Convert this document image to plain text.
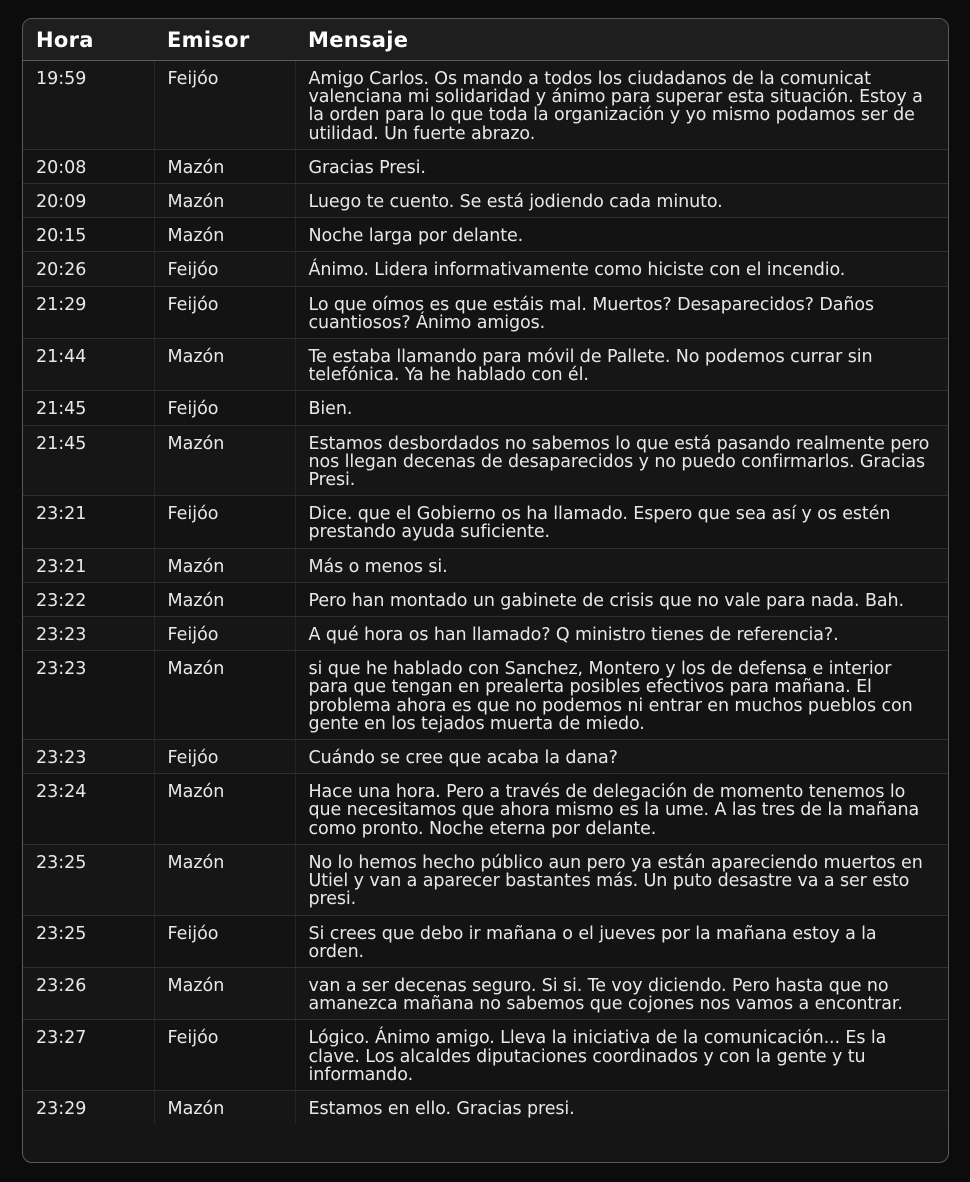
Hora	Emisor	Mensaje
19:59	Feijóo	Amigo Carlos. Os mando a todos los ciudadanos de la comunicat valenciana mi solidaridad y ánimo para superar esta situación. Estoy a la orden para lo que toda la organización y yo mismo podamos ser de utilidad. Un fuerte abrazo.
20:08	Mazón	Gracias Presi.
20:09	Mazón	Luego te cuento. Se está jodiendo cada minuto.
20:15	Mazón	Noche larga por delante.
20:26	Feijóo	Ánimo. Lidera informativamente como hiciste con el incendio.
21:29	Feijóo	Lo que oímos es que estáis mal. Muertos? Desaparecidos? Daños cuantiosos? Ánimo amigos.
21:44	Mazón	Te estaba llamando para móvil de Pallete. No podemos currar sin telefónica. Ya he hablado con él.
21:45	Feijóo	Bien.
21:45	Mazón	Estamos desbordados no sabemos lo que está pasando realmente pero nos llegan decenas de desaparecidos y no puedo confirmarlos. Gracias Presi.
23:21	Feijóo	Dice. que el Gobierno os ha llamado. Espero que sea así y os estén prestando ayuda suficiente.
23:21	Mazón	Más o menos si.
23:22	Mazón	Pero han montado un gabinete de crisis que no vale para nada. Bah.
23:23	Feijóo	A qué hora os han llamado? Q ministro tienes de referencia?.
23:23	Mazón	si que he hablado con Sanchez, Montero y los de defensa e interior para que tengan en prealerta posibles efectivos para mañana. El problema ahora es que no podemos ni entrar en muchos pueblos con gente en los tejados muerta de miedo.
23:23	Feijóo	Cuándo se cree que acaba la dana?
23:24	Mazón	Hace una hora. Pero a través de delegación de momento tenemos lo que necesitamos que ahora mismo es la ume. A las tres de la mañana como pronto. Noche eterna por delante.
23:25	Mazón	No lo hemos hecho público aun pero ya están apareciendo muertos en Utiel y van a aparecer bastantes más. Un puto desastre va a ser esto presi.
23:25	Feijóo	Si crees que debo ir mañana o el jueves por la mañana estoy a la orden.
23:26	Mazón	van a ser decenas seguro. Si si. Te voy diciendo. Pero hasta que no amanezca mañana no sabemos que cojones nos vamos a encontrar.
23:27	Feijóo	Lógico. Ánimo amigo. Lleva la iniciativa de la comunicación... Es la clave. Los alcaldes diputaciones coordinados y con la gente y tu informando.
23:29	Mazón	Estamos en ello. Gracias presi.
